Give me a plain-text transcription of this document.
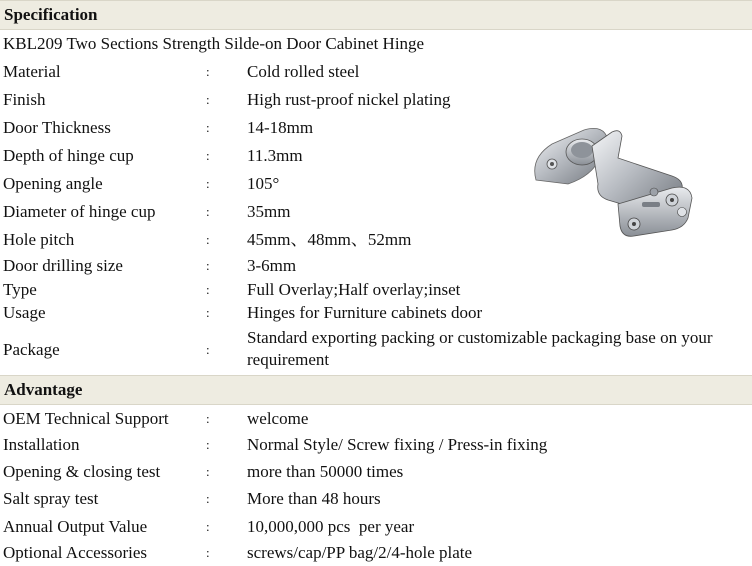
Specification
KBL209 Two Sections Strength Silde-on Door Cabinet Hinge
Material	: Cold rolled steel
Finish	: High rust-proof nickel plating
Door Thickness	: 14-18mm
Depth of hinge cup	: 11.3mm
Opening angle	: 105°
Diameter of hinge cup	: 35mm
Hole pitch	: 45mm、48mm、52mm
Door drilling size	: 3-6mm
Type	: Full Overlay;Half overlay;inset
Usage	: Hinges for Furniture cabinets door
Package	:
Standard exporting packing or customizable packaging base on your requirement
Advantage
OEM Technical Support	: welcome
Installation	: Normal Style/ Screw fixing / Press-in fixing
Opening & closing test	: more than 50000 times
Salt spray test	: More than 48 hours
Annual Output Value	: 10,000,000 pcs  per year
Optional Accessories	: screws/cap/PP bag/2/4-hole plate
